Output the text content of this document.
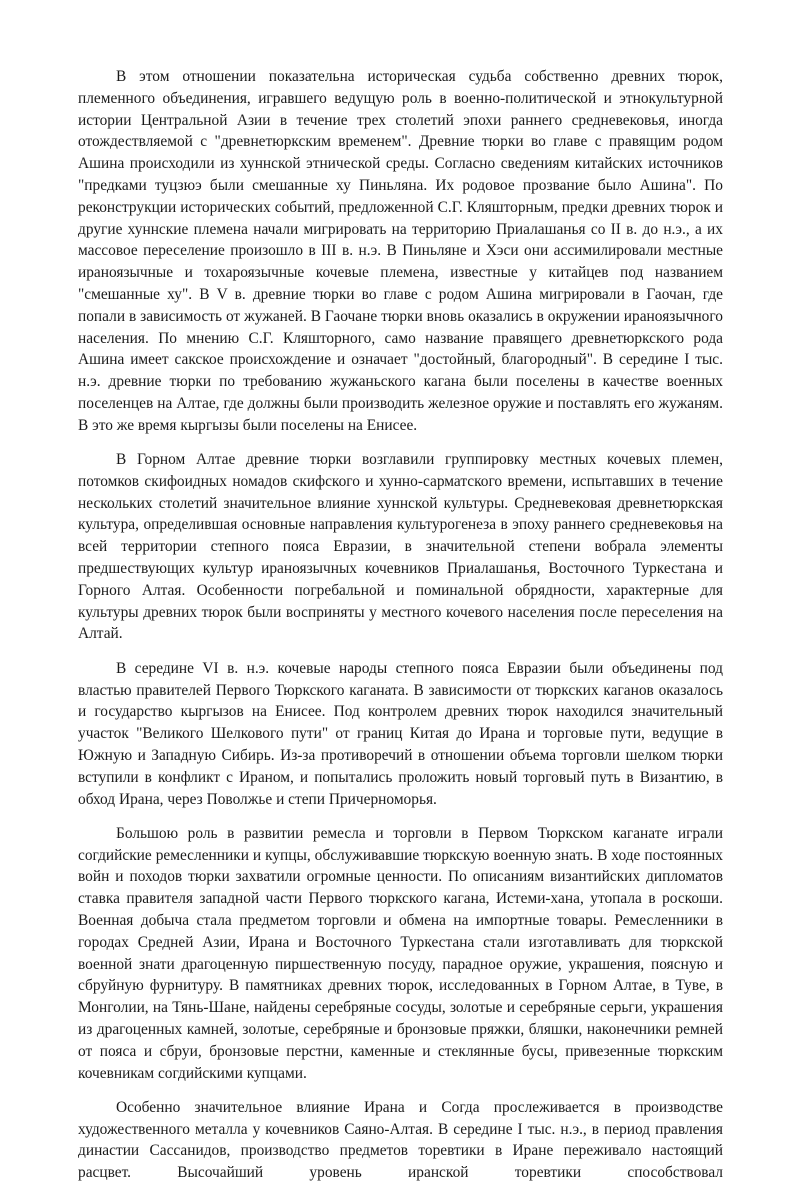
В этом отношении показательна историческая судьба собственно древних тюрок, племенного объединения, игравшего ведущую роль в военно-политической и этнокультурной истории Центральной Азии в течение трех столетий эпохи раннего средневековья, иногда отождествляемой с "древнетюркским временем". Древние тюрки во главе с правящим родом Ашина происходили из хуннской этнической среды. Согласно сведениям китайских источников "предками туцзюэ были смешанные ху Пиньляна. Их родовое прозвание было Ашина". По реконструкции исторических событий, предложенной С.Г. Кляшторным, предки древних тюрок и другие хуннские племена начали мигрировать на территорию Приалашанья со II в. до н.э., а их массовое переселение произошло в III в. н.э. В Пиньляне и Хэси они ассимилировали местные ираноязычные и тохароязычные кочевые племена, известные у китайцев под названием "смешанные ху". В V в. древние тюрки во главе с родом Ашина мигрировали в Гаочан, где попали в зависимость от жужаней. В Гаочане тюрки вновь оказались в окружении ираноязычного населения. По мнению С.Г. Кляшторного, само название правящего древнетюркского рода Ашина имеет сакское происхождение и означает "достойный, благородный". В середине I тыс. н.э. древние тюрки по требованию жужаньского кагана были поселены в качестве военных поселенцев на Алтае, где должны были производить железное оружие и поставлять его жужаням. В это же время кыргызы были поселены на Енисее.

В Горном Алтае древние тюрки возглавили группировку местных кочевых племен, потомков скифоидных номадов скифского и хунно-сарматского времени, испытавших в течение нескольких столетий значительное влияние хуннской культуры. Средневековая древнетюркская культура, определившая основные направления культурогенеза в эпоху раннего средневековья на всей территории степного пояса Евразии, в значительной степени вобрала элементы предшествующих культур ираноязычных кочевников Приалашанья, Восточного Туркестана и Горного Алтая. Особенности погребальной и поминальной обрядности, характерные для культуры древних тюрок были восприняты у местного кочевого населения после переселения на Алтай.

В середине VI в. н.э. кочевые народы степного пояса Евразии были объединены под властью правителей Первого Тюркского каганата. В зависимости от тюркских каганов оказалось и государство кыргызов на Енисее. Под контролем древних тюрок находился значительный участок "Великого Шелкового пути" от границ Китая до Ирана и торговые пути, ведущие в Южную и Западную Сибирь. Из-за противоречий в отношении объема торговли шелком тюрки вступили в конфликт с Ираном, и попытались проложить новый торговый путь в Византию, в обход Ирана, через Поволжье и степи Причерноморья.

Большою роль в развитии ремесла и торговли в Первом Тюркском каганате играли согдийские ремесленники и купцы, обслуживавшие тюркскую военную знать. В ходе постоянных войн и походов тюрки захватили огромные ценности. По описаниям византийских дипломатов ставка правителя западной части Первого тюркского кагана, Истеми-хана, утопала в роскоши. Военная добыча стала предметом торговли и обмена на импортные товары. Ремесленники в городах Средней Азии, Ирана и Восточного Туркестана стали изготавливать для тюркской военной знати драгоценную пиршественную посуду, парадное оружие, украшения, поясную и сбруйную фурнитуру. В памятниках древних тюрок, исследованных в Горном Алтае, в Туве, в Монголии, на Тянь-Шане, найдены серебряные сосуды, золотые и серебряные серьги, украшения из драгоценных камней, золотые, серебряные и бронзовые пряжки, бляшки, наконечники ремней от пояса и сбруи, бронзовые перстни, каменные и стеклянные бусы, привезенные тюркским кочевникам согдийскими купцами.

Особенно значительное влияние Ирана и Согда прослеживается в производстве художественного металла у кочевников Саяно-Алтая. В середине I тыс. н.э., в период правления династии Сассанидов, производство предметов торевтики в Иране переживало настоящий расцвет. Высочайший уровень иранской торевтики способствовал
